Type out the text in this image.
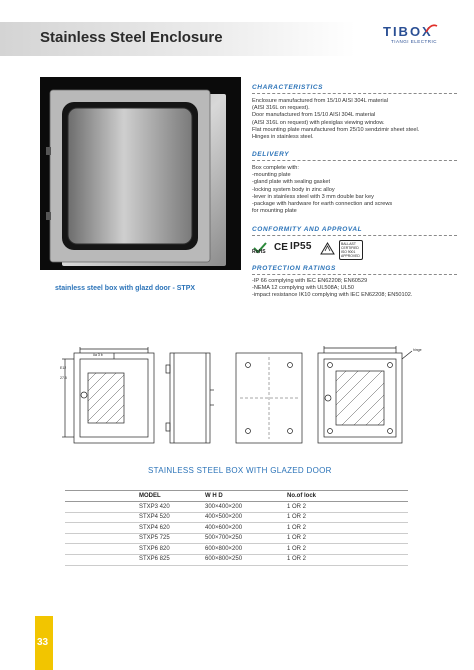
Stainless Steel Enclosure	TIBOX
TIANGI ELECTRIC
stainless steel box with glazd door - STPX
CHARACTERISTICS
Enclosure manufactured from 15/10 AISI 304L material
(AISI 316L on request).
Door manufactured from 15/10 AISI 304L material
(AISI 316L on request) with plexiglas viewing window.
Flat mounting plate manufactured from 25/10 sendzimir sheet steel.
Hinges in stainless steel.
DELIVERY
Box complete with:
-mounting plate
-gland plate with sealing gasket
-locking system body in zinc alloy
-lever in stainless steel with 3 mm double bar key
-package with hardware for earth connection and screws
for mounting plate
CONFORMITY AND APPROVAL
RoHS CE IP55	BALLAST
CERTIFIED
ISO 9001
APPROVED
PROTECTION RATINGS
-IP 66 complying with IEC EN62208; EN60529
-NEMA 12 complying with UL508A; UL50
-impact resistance IK10 complying with IEC EN62208; EN50102.
öa 3 b
E12
27.5
hinge
STAINLESS STEEL BOX WITH GLAZED DOOR
MODEL	W H D	No.of lock
STXP3 420	300×400×200	1 OR 2
STXP4 520	400×500×200	1 OR 2
STXP4 620	400×600×200	1 OR 2
STXP5 725	500×700×250	1 OR 2
STXP6 820	600×800×200	1 OR 2
STXP6 825	600×800×250	1 OR 2
33
